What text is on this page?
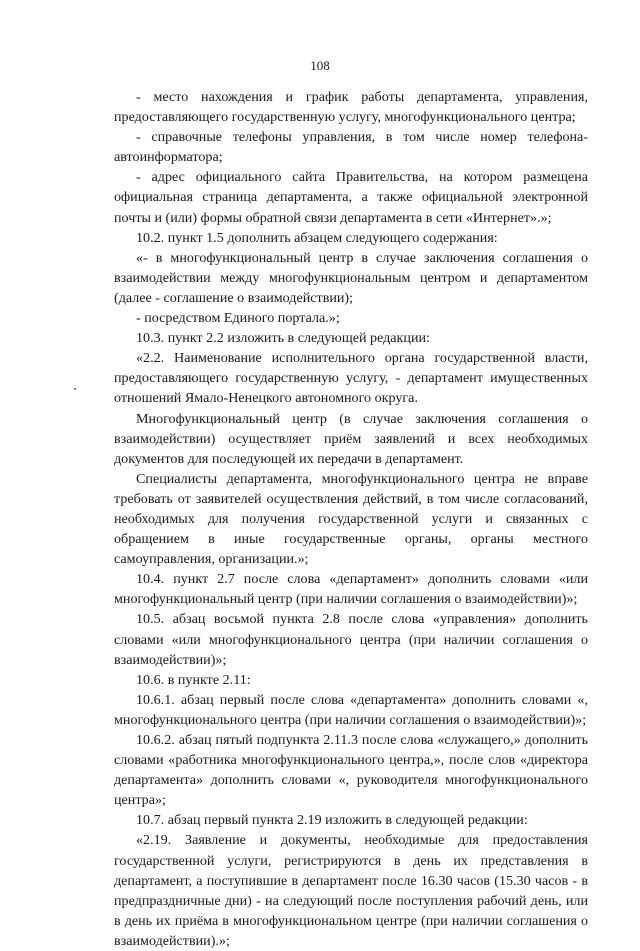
108

- место нахождения и график работы департамента, управления, предоставляющего государственную услугу, многофункционального центра;

- справочные телефоны управления, в том числе номер телефона-автоинформатора;

- адрес официального сайта Правительства, на котором размещена официальная страница департамента, а также официальной электронной почты и (или) формы обратной связи департамента в сети «Интернет».»;

10.2. пункт 1.5 дополнить абзацем следующего содержания:

«- в многофункциональный центр в случае заключения соглашения о взаимодействии между многофункциональным центром и департаментом (далее - соглашение о взаимодействии);

- посредством Единого портала.»;

10.3. пункт 2.2 изложить в следующей редакции:

«2.2. Наименование исполнительного органа государственной власти, предоставляющего государственную услугу, - департамент имущественных отношений Ямало-Ненецкого автономного округа.

Многофункциональный центр (в случае заключения соглашения о взаимодействии) осуществляет приём заявлений и всех необходимых документов для последующей их передачи в департамент.

Специалисты департамента, многофункционального центра не вправе требовать от заявителей осуществления действий, в том числе согласований, необходимых для получения государственной услуги и связанных с обращением в иные государственные органы, органы местного самоуправления, организации.»;

10.4. пункт 2.7 после слова «департамент» дополнить словами «или многофункциональный центр (при наличии соглашения о взаимодействии)»;

10.5. абзац восьмой пункта 2.8 после слова «управления» дополнить словами «или многофункционального центра (при наличии соглашения о взаимодействии)»;

10.6. в пункте 2.11:

10.6.1. абзац первый после слова «департамента» дополнить словами «, многофункционального центра (при наличии соглашения о взаимодействии)»;

10.6.2. абзац пятый подпункта 2.11.3 после слова «служащего,» дополнить словами «работника многофункционального центра,», после слов «директора департамента» дополнить словами «, руководителя многофункционального центра»;

10.7. абзац первый пункта 2.19 изложить в следующей редакции:

«2.19. Заявление и документы, необходимые для предоставления государственной услуги, регистрируются в день их представления в департамент, а поступившие в департамент после 16.30 часов (15.30 часов - в предпраздничные дни) - на следующий после поступления рабочий день, или в день их приёма в многофункциональном центре (при наличии соглашения о взаимодействии).»;
